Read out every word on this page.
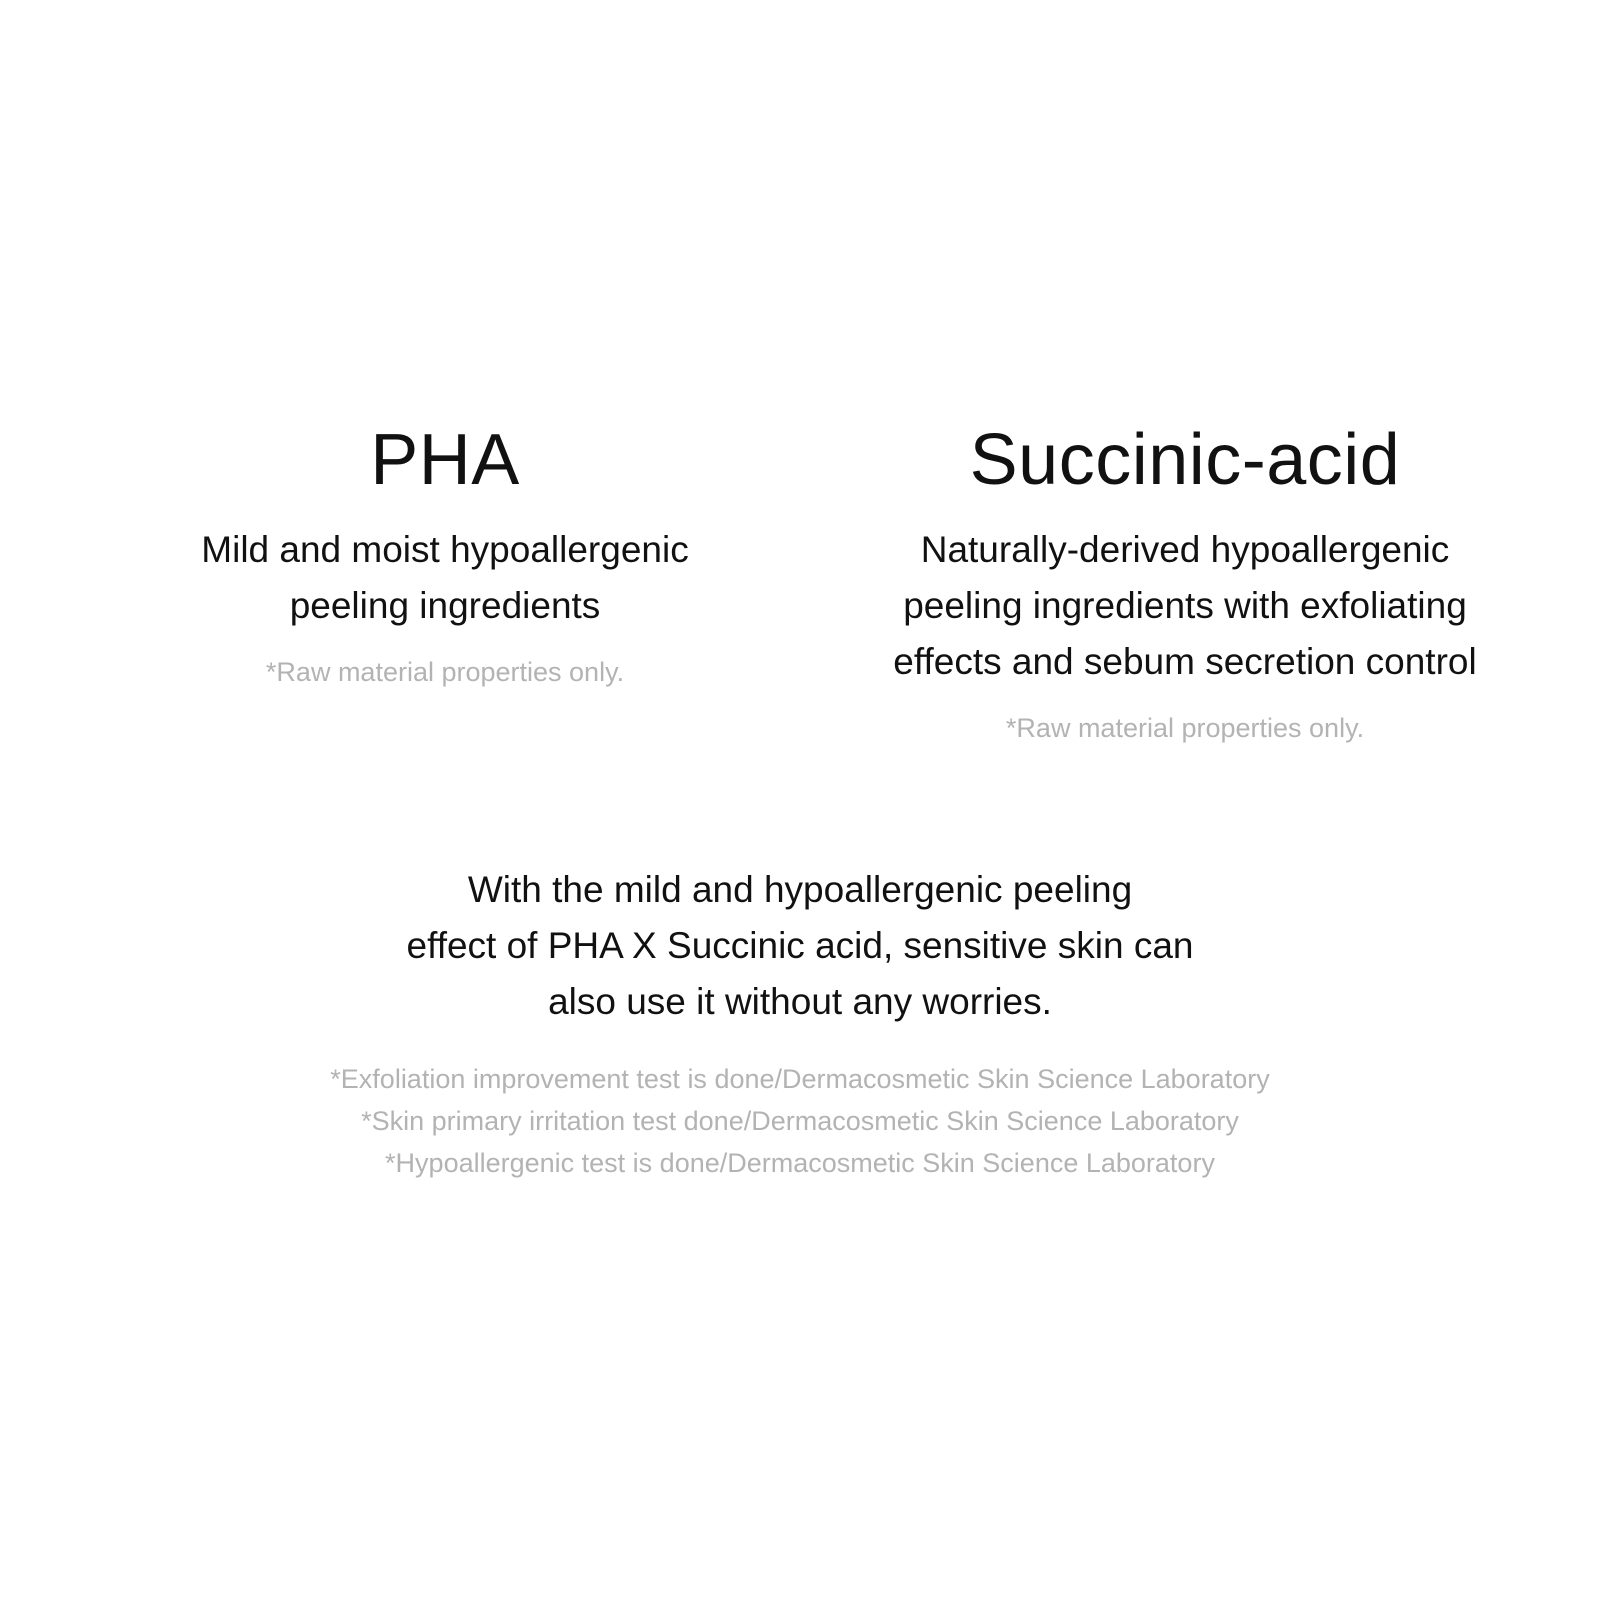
PHA
Mild and moist hypoallergenic
peeling ingredients

*Raw material properties only.

Succinic-acid
Naturally-derived hypoallergenic
peeling ingredients with exfoliating
effects and sebum secretion control

*Raw material properties only.

With the mild and hypoallergenic peeling
effect of PHA X Succinic acid, sensitive skin can
also use it without any worries.

*Exfoliation improvement test is done/Dermacosmetic Skin Science Laboratory

*Skin primary irritation test done/Dermacosmetic Skin Science Laboratory

*Hypoallergenic test is done/Dermacosmetic Skin Science Laboratory
